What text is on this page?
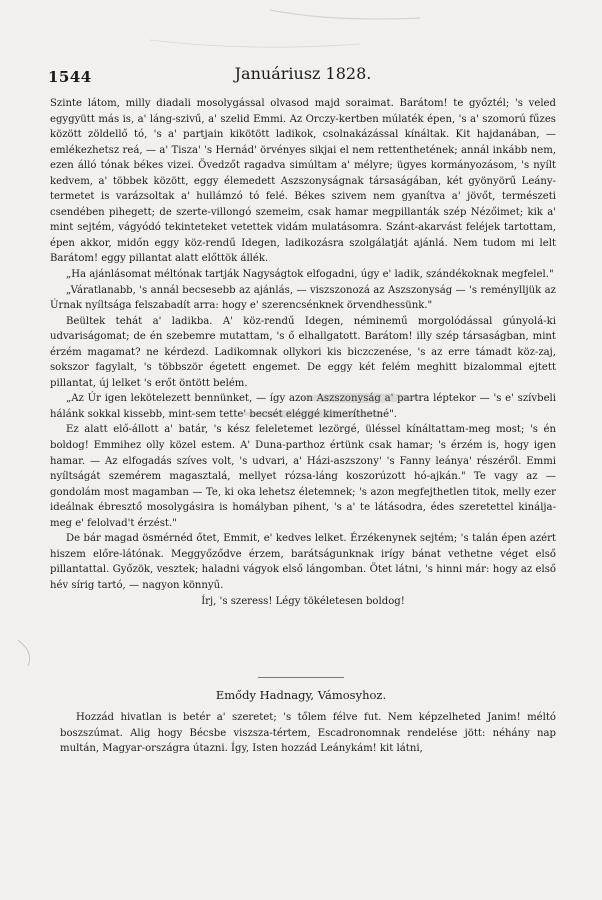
1544	Januáriusz 1828.

Szinte látom, milly diadali mosolygással olvasod majd soraimat. Barátom! te győztél; 's veled egygyütt más is, a' láng-szivű, a' szelid Emmi. Az Orczy-kertben múlaték épen, 's a' szomorú fűzes között zöldellő tó, 's a' partjain kikötött ladikok, csolnakázással kínáltak. Kit hajdanában, — emlékezhetsz reá, — a' Tisza' 's Hernád' örvényes sikjai el nem rettenthetének; annál inkább nem, ezen álló tónak békes vizei. Övedzőt ragadva simúltam a' mélyre; ügyes kormányozásom, 's nyílt kedvem, a' többek között, eggy élemedett Aszszonyságnak társaságában, két gyönyörű Leány-termetet is varázsoltak a' hullámzó tó felé. Békes szivem nem gyanítva a' jövőt, természeti csendében pihegett; de szerte-villongó szemeim, csak hamar megpillanták szép Nézőimet; kik a' mint sejtém, vágyódó tekinteteket vetettek vidám mulatásomra. Szánt-akarvást feléjek tartottam, épen akkor, midőn eggy köz-rendű Idegen, ladikozásra szolgálatját ajánlá. Nem tudom mi lelt Barátom! eggy pillantat alatt előttök állék.

„Ha ajánlásomat méltónak tartják Nagyságtok elfogadni, úgy e' ladik, szándékoknak megfelel."

„Váratlanabb, 's annál becsesebb az ajánlás, — viszszonozá az Aszszonyság — 's reménylljük az Úrnak nyíltsága felszabadít arra: hogy e' szerencsénknek örvendhessünk."

Beültek tehát a' ladikba. A' köz-rendű Idegen, néminemű morgolódással gúnyolá-ki udvariságomat; de én szebemre mutattam, 's ő elhallgatott. Barátom! illy szép társaságban, mint érzém magamat? ne kérdezd. Ladikomnak ollykori kis biczczenése, 's az erre támadt köz-zaj, sokszor fagylalt, 's többször égetett engemet. De eggy két felém meghitt bizalommal ejtett pillantat, új lelket 's erőt öntött belém.

„Az Úr igen lekötelezett bennünket, — így azon Aszszonyság a' partra léptekor — 's e' szívbeli hálánk sokkal kissebb, mint-sem tette' becsét eléggé kimeríthetné".

Ez alatt elő-állott a' batár, 's kész feleletemet lezörgé, üléssel kínáltattam-meg most; 's én boldog! Emmihez olly közel estem. A' Duna-parthoz értünk csak hamar; 's érzém is, hogy igen hamar. — Az elfogadás szíves volt, 's udvari, a' Házi-aszszony' 's Fanny leánya' részéről. Emmi nyíltságát szemérem magasztalá, mellyet rózsa-láng koszorúzott hó-ajkán." Te vagy az — gondolám most magamban — Te, ki oka lehetsz életemnek; 's azon megfejthetlen titok, melly ezer ideálnak ébresztő mosolygásira is homályban pihent, 's a' te látásodra, édes szeretettel kinálja-meg e' felolvad't érzést."

De bár magad ösmérnéd őtet, Emmit, e' kedves lelket. Érzékenynek sejtém; 's talán épen azért hiszem előre-látónak. Meggyőződve érzem, barátságunknak irígy bánat vethetne véget első pillantattal. Győzök, vesztek; haladni vágyok első lángomban. Ötet látni, 's hinni már: hogy az első hév sírig tartó, — nagyon könnyű.

Írj, 's szeress! Légy tökéletesen boldog!

Emődy Hadnagy, Vámosyhoz.

Hozzád hivatlan is betér a' szeretet; 's tőlem félve fut. Nem képzelheted Janim! méltó boszszúmat. Alig hogy Bécsbe viszsza-tértem, Escadronomnak rendelése jött: néhány nap multán, Magyar-országra útazni. Így, Isten hozzád Leánykám! kit látni,
